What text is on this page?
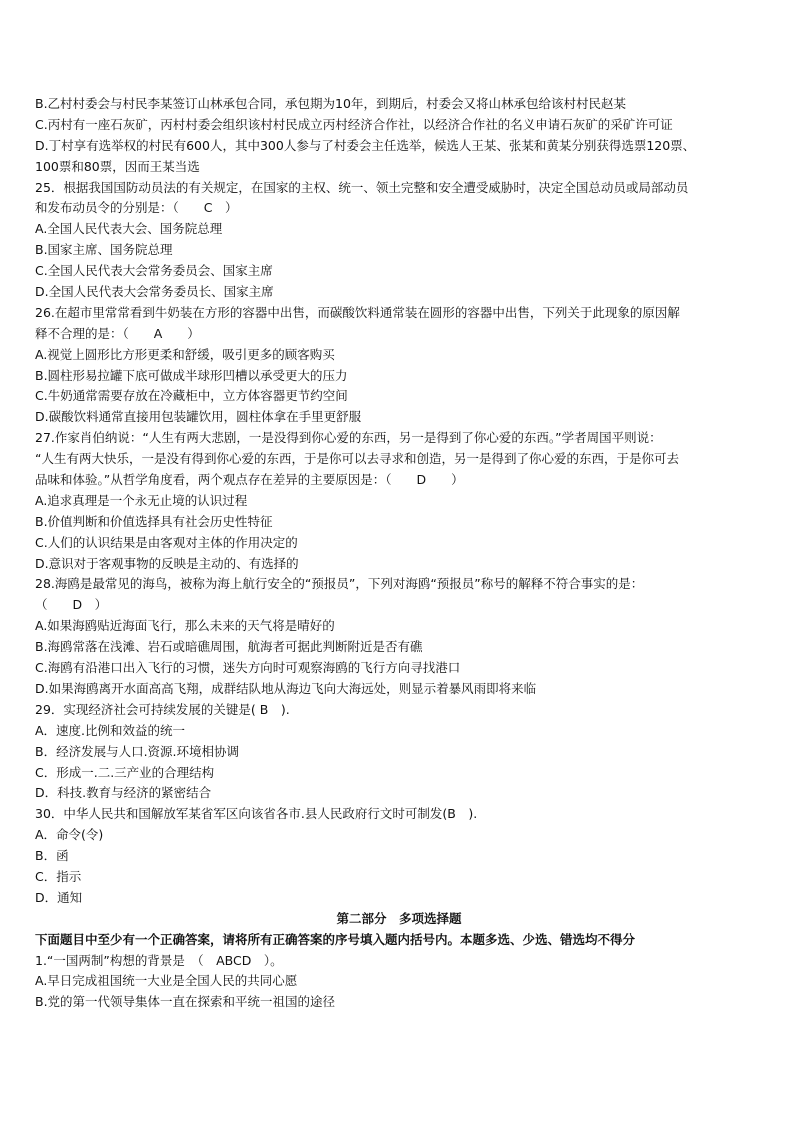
B.乙村村委会与村民李某签订山林承包合同，承包期为10年，到期后，村委会又将山林承包给该村村民赵某
C.丙村有一座石灰矿，丙村村委会组织该村村民成立丙村经济合作社，以经济合作社的名义申请石灰矿的采矿许可证
D.丁村享有选举权的村民有600人，其中300人参与了村委会主任选举，候选人王某、张某和黄某分别获得选票120票、
100票和80票，因而王某当选
25．根据我国国防动员法的有关规定，在国家的主权、统一、领土完整和安全遭受威胁时，决定全国总动员或局部动员
和发布动员令的分别是：（　　C　）
A.全国人民代表大会、国务院总理
B.国家主席、国务院总理
C.全国人民代表大会常务委员会、国家主席
D.全国人民代表大会常务委员长、国家主席
26.在超市里常常看到牛奶装在方形的容器中出售，而碳酸饮料通常装在圆形的容器中出售，下列关于此现象的原因解
释不合理的是：（　　A　　）
A.视觉上圆形比方形更柔和舒缓，吸引更多的顾客购买
B.圆柱形易拉罐下底可做成半球形凹槽以承受更大的压力
C.牛奶通常需要存放在冷藏柜中，立方体容器更节约空间
D.碳酸饮料通常直接用包装罐饮用，圆柱体拿在手里更舒服
27.作家肖伯纳说：“人生有两大悲剧，一是没得到你心爱的东西，另一是得到了你心爱的东西。”学者周国平则说：
“人生有两大快乐，一是没有得到你心爱的东西，于是你可以去寻求和创造，另一是得到了你心爱的东西，于是你可去
品味和体验。”从哲学角度看，两个观点存在差异的主要原因是：（　　D　　）
A.追求真理是一个永无止境的认识过程
B.价值判断和价值选择具有社会历史性特征
C.人们的认识结果是由客观对主体的作用决定的
D.意识对于客观事物的反映是主动的、有选择的
28.海鸥是最常见的海鸟，被称为海上航行安全的“预报员”，下列对海鸥“预报员”称号的解释不符合事实的是：
（　　D　）
A.如果海鸥贴近海面飞行，那么未来的天气将是晴好的
B.海鸥常落在浅滩、岩石或暗礁周围，航海者可据此判断附近是否有礁
C.海鸥有沿港口出入飞行的习惯，迷失方向时可观察海鸥的飞行方向寻找港口
D.如果海鸥离开水面高高飞翔，成群结队地从海边飞向大海远处，则显示着暴风雨即将来临
29．实现经济社会可持续发展的关键是( B　).
A．速度.比例和效益的统一
B．经济发展与人口.资源.环境相协调
C．形成一.二.三产业的合理结构
D．科技.教育与经济的紧密结合
30．中华人民共和国解放军某省军区向该省各市.县人民政府行文时可制发(B　).
A．命令(令)
B．函
C．指示
D．通知
第二部分　多项选择题
下面题目中至少有一个正确答案，请将所有正确答案的序号填入题内括号内。本题多选、少选、错选均不得分
1.“一国两制”构想的背景是　（　ABCD　）。
A.早日完成祖国统一大业是全国人民的共同心愿
B.党的第一代领导集体一直在探索和平统一祖国的途径
